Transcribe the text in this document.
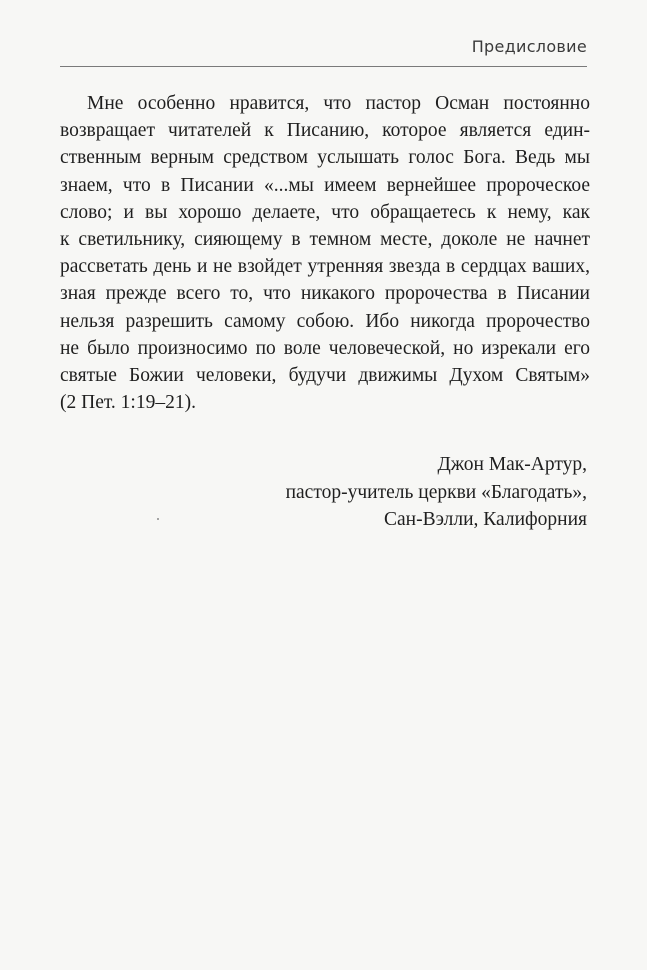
Предисловие
Мне особенно нравится, что пастор Осман постоянно
возвращает читателей к Писанию, которое является един-
ственным верным средством услышать голос Бога. Ведь мы
знаем, что в Писании «...мы имеем вернейшее пророческое
слово; и вы хорошо делаете, что обращаетесь к нему, как
к светильнику, сияющему в темном месте, доколе не начнет
рассветать день и не взойдет утренняя звезда в сердцах ваших,
зная прежде всего то, что никакого пророчества в Писании
нельзя разрешить самому собою. Ибо никогда пророчество
не было произносимо по воле человеческой, но изрекали его
святые Божии человеки, будучи движимы Духом Святым»
(2 Пет. 1:19–21).
Джон Мак-Артур,
пастор-учитель церкви «Благодать»,
Сан-Вэлли, Калифорния
